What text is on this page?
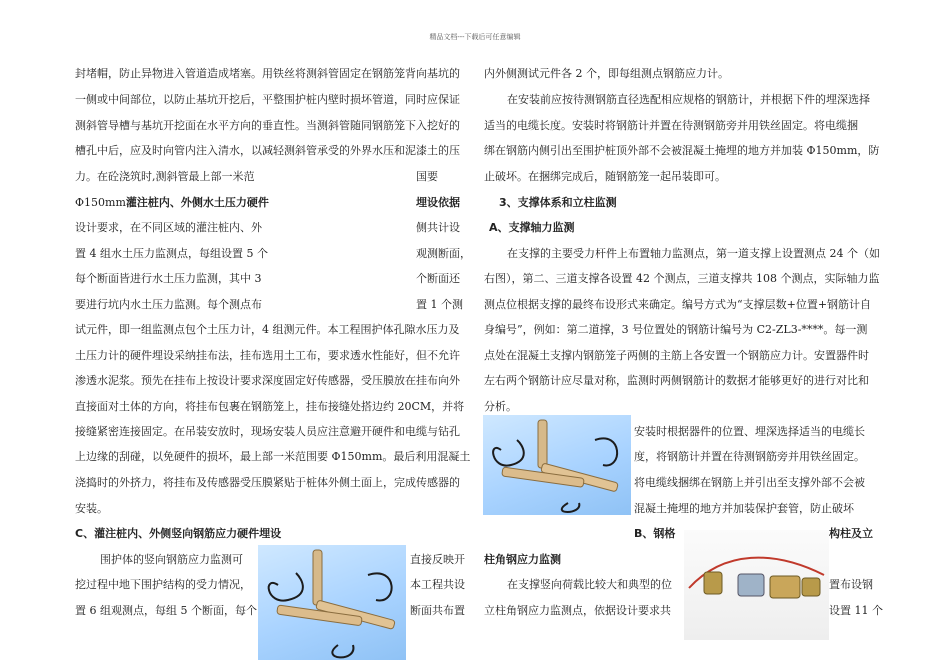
精品文档---下载后可任意编辑
封堵帽，防止异物进入管道造成堵塞。用铁丝将测斜管固定在钢筋笼背向基坑的
一侧或中间部位，以防止基坑开挖后，平整围护桩内壁时损坏管道，同时应保证
测斜管导槽与基坑开挖面在水平方向的垂直性。当测斜管随同钢筋笼下入挖好的
槽孔中后，应及时向管内注入清水，以减轻测斜管承受的外界水压和泥漆土的压
力。在砼浇筑时,测斜管最上部一米范
Φ150mm灌注桩内、外侧水土压力硬件
设计要求，在不同区域的灌注桩内、外
置 4 组水土压力监测点，每组设置 5 个
每个断面皆进行水土压力监测，其中 3
要进行坑内水土压力监测。每个测点布
试元件，即一组监测点包个土压力计，4 组测元件。本工程围护体孔隙水压力及
土压力计的硬件埋设采纳挂布法，挂布选用土工布，要求透水性能好，但不允许
渗透水泥浆。预先在挂布上按设计要求深度固定好传感器，受压膜放在挂布向外
直接面对土体的方向，将挂布包裹在钢筋笼上，挂布接缝处搭边约 20CM，并将
接缝紧密连接固定。在吊装安放时，现场安装人员应注意避开硬件和电缆与钻孔
上边缘的刮碰，以免硬件的损坏，最上部一米范围要 Φ150mm。最后利用混凝土
浇捣时的外挤力，将挂布及传感器受压膜紧贴于桩体外侧土面上，完成传感器的
安装。
C、灌注桩内、外侧竖向钢筋应力硬件埋设
围护体的竖向钢筋应力监测可
挖过程中地下围护结构的受力情况，
置 6 组观测点，每组 5 个断面，每个
国要
埋设依据
侧共计设
观测断面，
个断面还
置 1 个测
直接反映开
本工程共设
断面共布置
内外侧测试元件各 2 个，即每组测点钢筋应力计。
在安装前应按待测钢筋直径选配相应规格的钢筋计，并根据下件的埋深选择
适当的电缆长度。安装时将钢筋计并置在待测钢筋旁并用铁丝固定。将电缆捆
绑在钢筋内侧引出至围护桩顶外部不会被混凝土掩埋的地方并加装 Φ150mm，防
止破坏。在捆绑完成后，随钢筋笼一起吊装即可。
3、支撑体系和立柱监测
A、支撑轴力监测
在支撑的主要受力杆件上布置轴力监测点，第一道支撑上设置测点 24 个（如
右图），第二、三道支撑各设置 42 个测点，三道支撑共 108 个测点，实际轴力监
测点位根据支撑的最终布设形式来确定。编号方式为“支撑层数+位置+钢筋计自
身编号”，例如：第二道撑，3 号位置处的钢筋计编号为 C2-ZL3-****。每一测
点处在混凝土支撑内钢筋笼子两侧的主筋上各安置一个钢筋应力计。安置器件时
左右两个钢筋计应尽量对称，监测时两侧钢筋计的数据才能够更好的进行对比和
分析。
安装时根据器件的位置、埋深选择适当的电缆长
度，将钢筋计并置在待测钢筋旁并用铁丝固定。
将电缆线捆绑在钢筋上并引出至支撑外部不会被
混凝土掩埋的地方并加装保护套管，防止破坏
B、钢格	构柱及立
柱角钢应力监测
在支撑竖向荷载比较大和典型的位	置布设钢
立柱角钢应力监测点，依据设计要求共	设置 11 个
